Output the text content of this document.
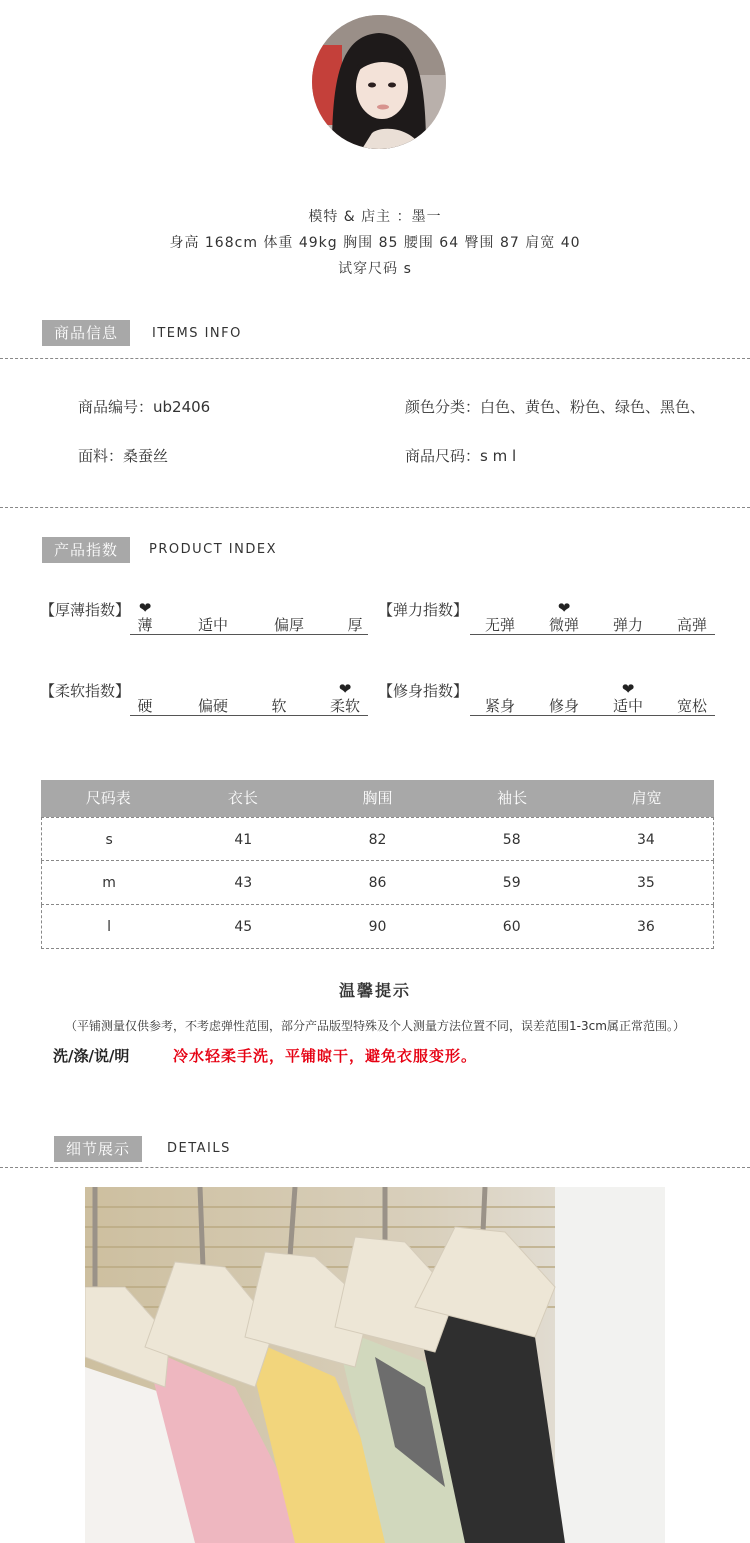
模特 & 店主 ：墨一
身高 168cm 体重 49kg 胸围 85 腰围 64 臀围 87 肩宽 40
试穿尺码 s
商品信息	ITEMS INFO
商品编号：ub2406	颜色分类：白色、黄色、粉色、绿色、黑色、
面料：桑蚕丝	商品尺码：s m l
产品指数	PRODUCT INDEX
【厚薄指数】 ❤
薄	适中	偏厚	厚
【弹力指数】
无弹
❤
微弹	弹力	高弹
【柔软指数】
硬	偏硬	软
❤
柔软
【修身指数】
紧身	修身
❤
适中	宽松
尺码表	衣长	胸围	袖长	肩宽
s	41	82	58	34
m	43	86	59	35
l	45	90	60	36
温馨提示
（平铺测量仅供参考，不考虑弹性范围，部分产品版型特殊及个人测量方法位置不同，误差范围1-3cm属正常范围。）
洗/涤/说/明	冷水轻柔手洗，平铺晾干，避免衣服变形。
细节展示	DETAILS
